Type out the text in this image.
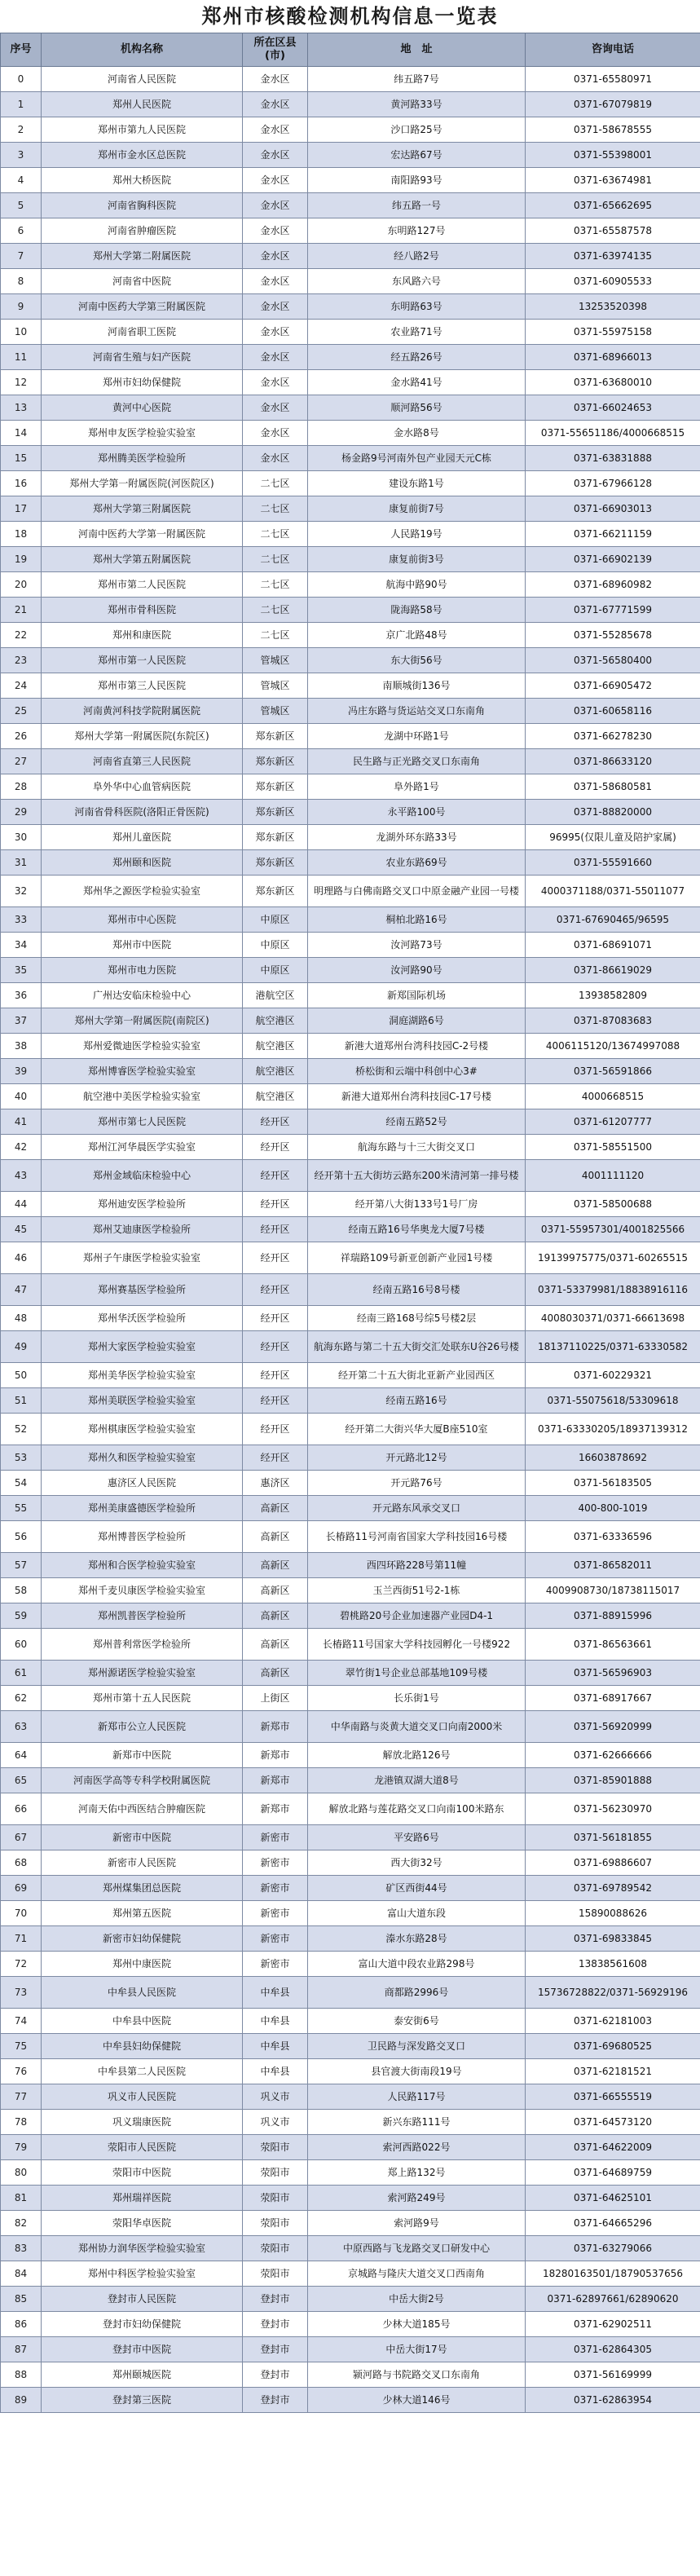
郑州市核酸检测机构信息一览表
序号	机构名称	所在区县(市)	地　址	咨询电话
0	河南省人民医院	金水区	纬五路7号	0371-65580971
1	郑州人民医院	金水区	黄河路33号	0371-67079819
2	郑州市第九人民医院	金水区	沙口路25号	0371-58678555
3	郑州市金水区总医院	金水区	宏达路67号	0371-55398001
4	郑州大桥医院	金水区	南阳路93号	0371-63674981
5	河南省胸科医院	金水区	纬五路一号	0371-65662695
6	河南省肿瘤医院	金水区	东明路127号	0371-65587578
7	郑州大学第二附属医院	金水区	经八路2号	0371-63974135
8	河南省中医院	金水区	东风路六号	0371-60905533
9	河南中医药大学第三附属医院	金水区	东明路63号	13253520398
10	河南省职工医院	金水区	农业路71号	0371-55975158
11	河南省生殖与妇产医院	金水区	经五路26号	0371-68966013
12	郑州市妇幼保健院	金水区	金水路41号	0371-63680010
13	黄河中心医院	金水区	顺河路56号	0371-66024653
14	郑州申友医学检验实验室	金水区	金水路8号	0371-55651186/4000668515
15	郑州腾美医学检验所	金水区	杨金路9号河南外包产业园天元C栋	0371-63831888
16	郑州大学第一附属医院(河医院区)	二七区	建设东路1号	0371-67966128
17	郑州大学第三附属医院	二七区	康复前街7号	0371-66903013
18	河南中医药大学第一附属医院	二七区	人民路19号	0371-66211159
19	郑州大学第五附属医院	二七区	康复前街3号	0371-66902139
20	郑州市第二人民医院	二七区	航海中路90号	0371-68960982
21	郑州市骨科医院	二七区	陇海路58号	0371-67771599
22	郑州和康医院	二七区	京广北路48号	0371-55285678
23	郑州市第一人民医院	管城区	东大街56号	0371-56580400
24	郑州市第三人民医院	管城区	南顺城街136号	0371-66905472
25	河南黄河科技学院附属医院	管城区	冯庄东路与货运站交叉口东南角	0371-60658116
26	郑州大学第一附属医院(东院区)	郑东新区	龙湖中环路1号	0371-66278230
27	河南省直第三人民医院	郑东新区	民生路与正光路交叉口东南角	0371-86633120
28	阜外华中心血管病医院	郑东新区	阜外路1号	0371-58680581
29	河南省骨科医院(洛阳正骨医院)	郑东新区	永平路100号	0371-88820000
30	郑州儿童医院	郑东新区	龙湖外环东路33号	96995(仅限儿童及陪护家属)
31	郑州颐和医院	郑东新区	农业东路69号	0371-55591660
32	郑州华之源医学检验实验室	郑东新区	明理路与白佛南路交叉口中原金融产业园一号楼	4000371188/0371-55011077
33	郑州市中心医院	中原区	桐柏北路16号	0371-67690465/96595
34	郑州市中医院	中原区	汝河路73号	0371-68691071
35	郑州市电力医院	中原区	汝河路90号	0371-86619029
36	广州达安临床检验中心	港航空区	新郑国际机场	13938582809
37	郑州大学第一附属医院(南院区)	航空港区	洞庭湖路6号	0371-87083683
38	郑州爱微迪医学检验实验室	航空港区	新港大道郑州台湾科技园C-2号楼	4006115120/13674997088
39	郑州博睿医学检验实验室	航空港区	桥松街和云端中科创中心3#	0371-56591866
40	航空港中美医学检验实验室	航空港区	新港大道郑州台湾科技园C-17号楼	4000668515
41	郑州市第七人民医院	经开区	经南五路52号	0371-61207777
42	郑州江河华晨医学实验室	经开区	航海东路与十三大街交叉口	0371-58551500
43	郑州金域临床检验中心	经开区	经开第十五大街坊云路东200米清河第一排号楼	4001111120
44	郑州迪安医学检验所	经开区	经开第八大街133号1号厂房	0371-58500688
45	郑州艾迪康医学检验所	经开区	经南五路16号华奥龙大厦7号楼	0371-55957301/4001825566
46	郑州子午康医学检验实验室	经开区	祥瑞路109号新亚创新产业园1号楼	19139975775/0371-60265515
47	郑州赛基医学检验所	经开区	经南五路16号8号楼	0371-53379981/18838916116
48	郑州华沃医学检验所	经开区	经南三路168号综5号楼2层	4008030371/0371-66613698
49	郑州大家医学检验实验室	经开区	航海东路与第二十五大街交汇处联东U谷26号楼	18137110225/0371-63330582
50	郑州美华医学检验实验室	经开区	经开第二十五大街北亚新产业园西区	0371-60229321
51	郑州美联医学检验实验室	经开区	经南五路16号	0371-55075618/53309618
52	郑州棋康医学检验实验室	经开区	经开第二大街兴华大厦B座510室	0371-63330205/18937139312
53	郑州久和医学检验实验室	经开区	开元路北12号	16603878692
54	惠济区人民医院	惠济区	开元路76号	0371-56183505
55	郑州美康盛德医学检验所	高新区	开元路东风承交叉口	400-800-1019
56	郑州博普医学检验所	高新区	长椿路11号河南省国家大学科技园16号楼	0371-63336596
57	郑州和合医学检验实验室	高新区	西四环路228号第11幢	0371-86582011
58	郑州千麦贝康医学检验实验室	高新区	玉兰西街51号2-1栋	4009908730/18738115017
59	郑州凯普医学检验所	高新区	碧桃路20号企业加速器产业园D4-1	0371-88915996
60	郑州普利常医学检验所	高新区	长椿路11号国家大学科技园孵化一号楼922	0371-86563661
61	郑州源诺医学检验实验室	高新区	翠竹街1号企业总部基地109号楼	0371-56596903
62	郑州市第十五人民医院	上街区	长乐街1号	0371-68917667
63	新郑市公立人民医院	新郑市	中华南路与炎黄大道交叉口向南2000米	0371-56920999
64	新郑市中医院	新郑市	解放北路126号	0371-62666666
65	河南医学高等专科学校附属医院	新郑市	龙港镇双湖大道8号	0371-85901888
66	河南天佑中西医结合肿瘤医院	新郑市	解放北路与莲花路交叉口向南100米路东	0371-56230970
67	新密市中医院	新密市	平安路6号	0371-56181855
68	新密市人民医院	新密市	西大街32号	0371-69886607
69	郑州煤集团总医院	新密市	矿区西街44号	0371-69789542
70	郑州第五医院	新密市	富山大道东段	15890088626
71	新密市妇幼保健院	新密市	溱水东路28号	0371-69833845
72	郑州中康医院	新密市	富山大道中段农业路298号	13838561608
73	中牟县人民医院	中牟县	商都路2996号	15736728822/0371-56929196
74	中牟县中医院	中牟县	泰安街6号	0371-62181003
75	中牟县妇幼保健院	中牟县	卫民路与深发路交叉口	0371-69680525
76	中牟县第二人民医院	中牟县	县官渡大街南段19号	0371-62181521
77	巩义市人民医院	巩义市	人民路117号	0371-66555519
78	巩义瑞康医院	巩义市	新兴东路111号	0371-64573120
79	荥阳市人民医院	荥阳市	索河西路022号	0371-64622009
80	荥阳市中医院	荥阳市	郑上路132号	0371-64689759
81	郑州瑞祥医院	荥阳市	索河路249号	0371-64625101
82	荥阳华卓医院	荥阳市	索河路9号	0371-64665296
83	郑州协力润华医学检验实验室	荥阳市	中原西路与飞龙路交叉口研发中心	0371-63279066
84	郑州中科医学检验实验室	荥阳市	京城路与隆庆大道交叉口西南角	18280163501/18790537656
85	登封市人民医院	登封市	中岳大街2号	0371-62897661/62890620
86	登封市妇幼保健院	登封市	少林大道185号	0371-62902511
87	登封市中医院	登封市	中岳大街17号	0371-62864305
88	郑州颐城医院	登封市	颍河路与书院路交叉口东南角	0371-56169999
89	登封第三医院	登封市	少林大道146号	0371-62863954
